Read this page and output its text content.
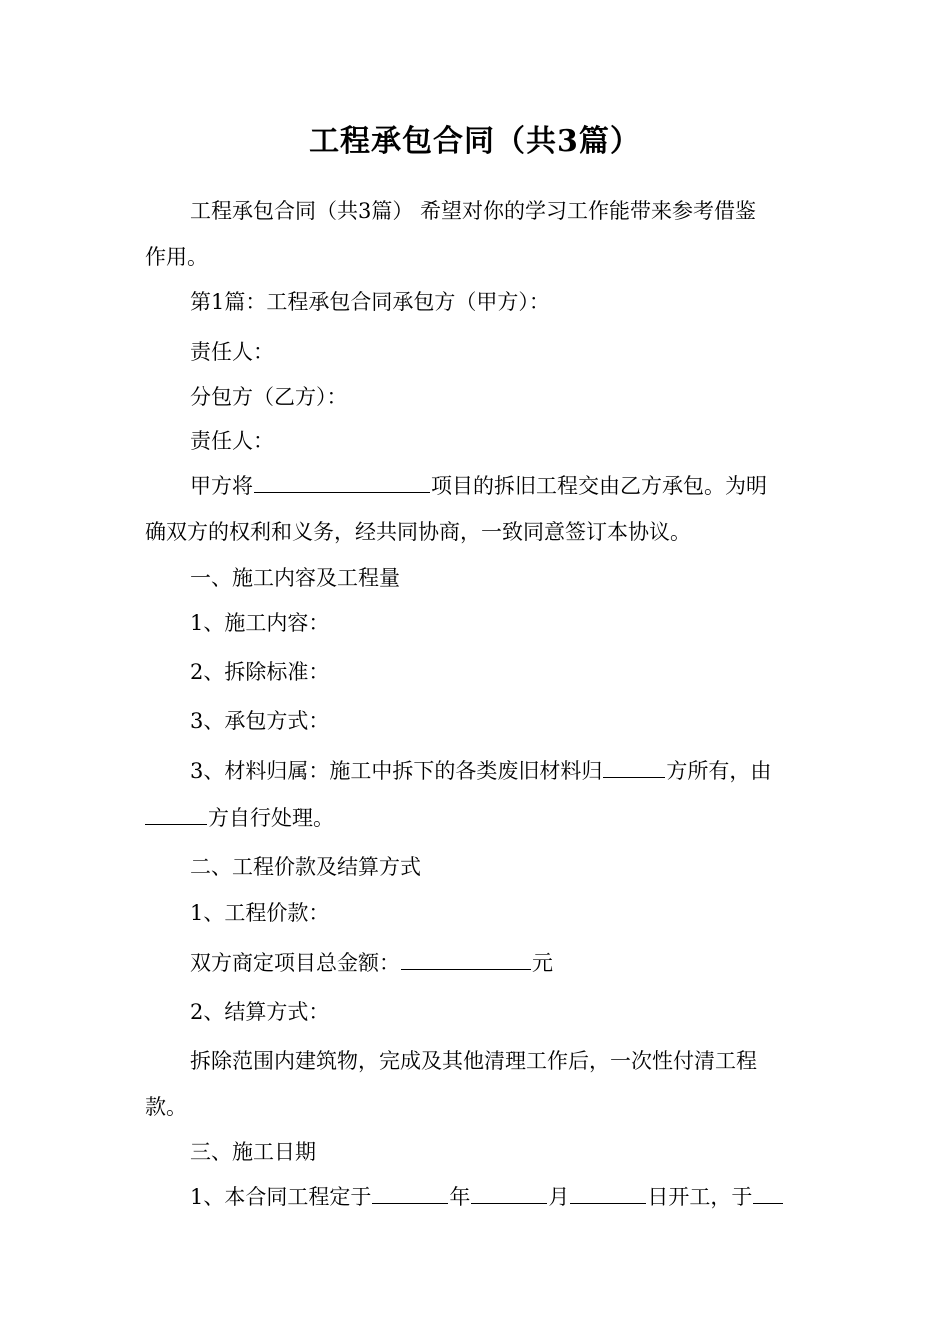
工程承包合同（共3篇）
工程承包合同（共3篇） 希望对你的学习工作能带来参考借鉴
作用。
第1篇：工程承包合同承包方（甲方）：
责任人：
分包方（乙方）：
责任人：
甲方将	项目的拆旧工程交由乙方承包。为明
确双方的权利和义务，经共同协商，一致同意签订本协议。
一、施工内容及工程量
1、施工内容：
2、拆除标准：
3、承包方式：
3、材料归属：施工中拆下的各类废旧材料归	方所有，由
方自行处理。
二、工程价款及结算方式
1、工程价款：
双方商定项目总金额：	元
2、结算方式：
拆除范围内建筑物，完成及其他清理工作后，一次性付清工程
款。
三、施工日期
1、本合同工程定于	年	月	日开工，于
